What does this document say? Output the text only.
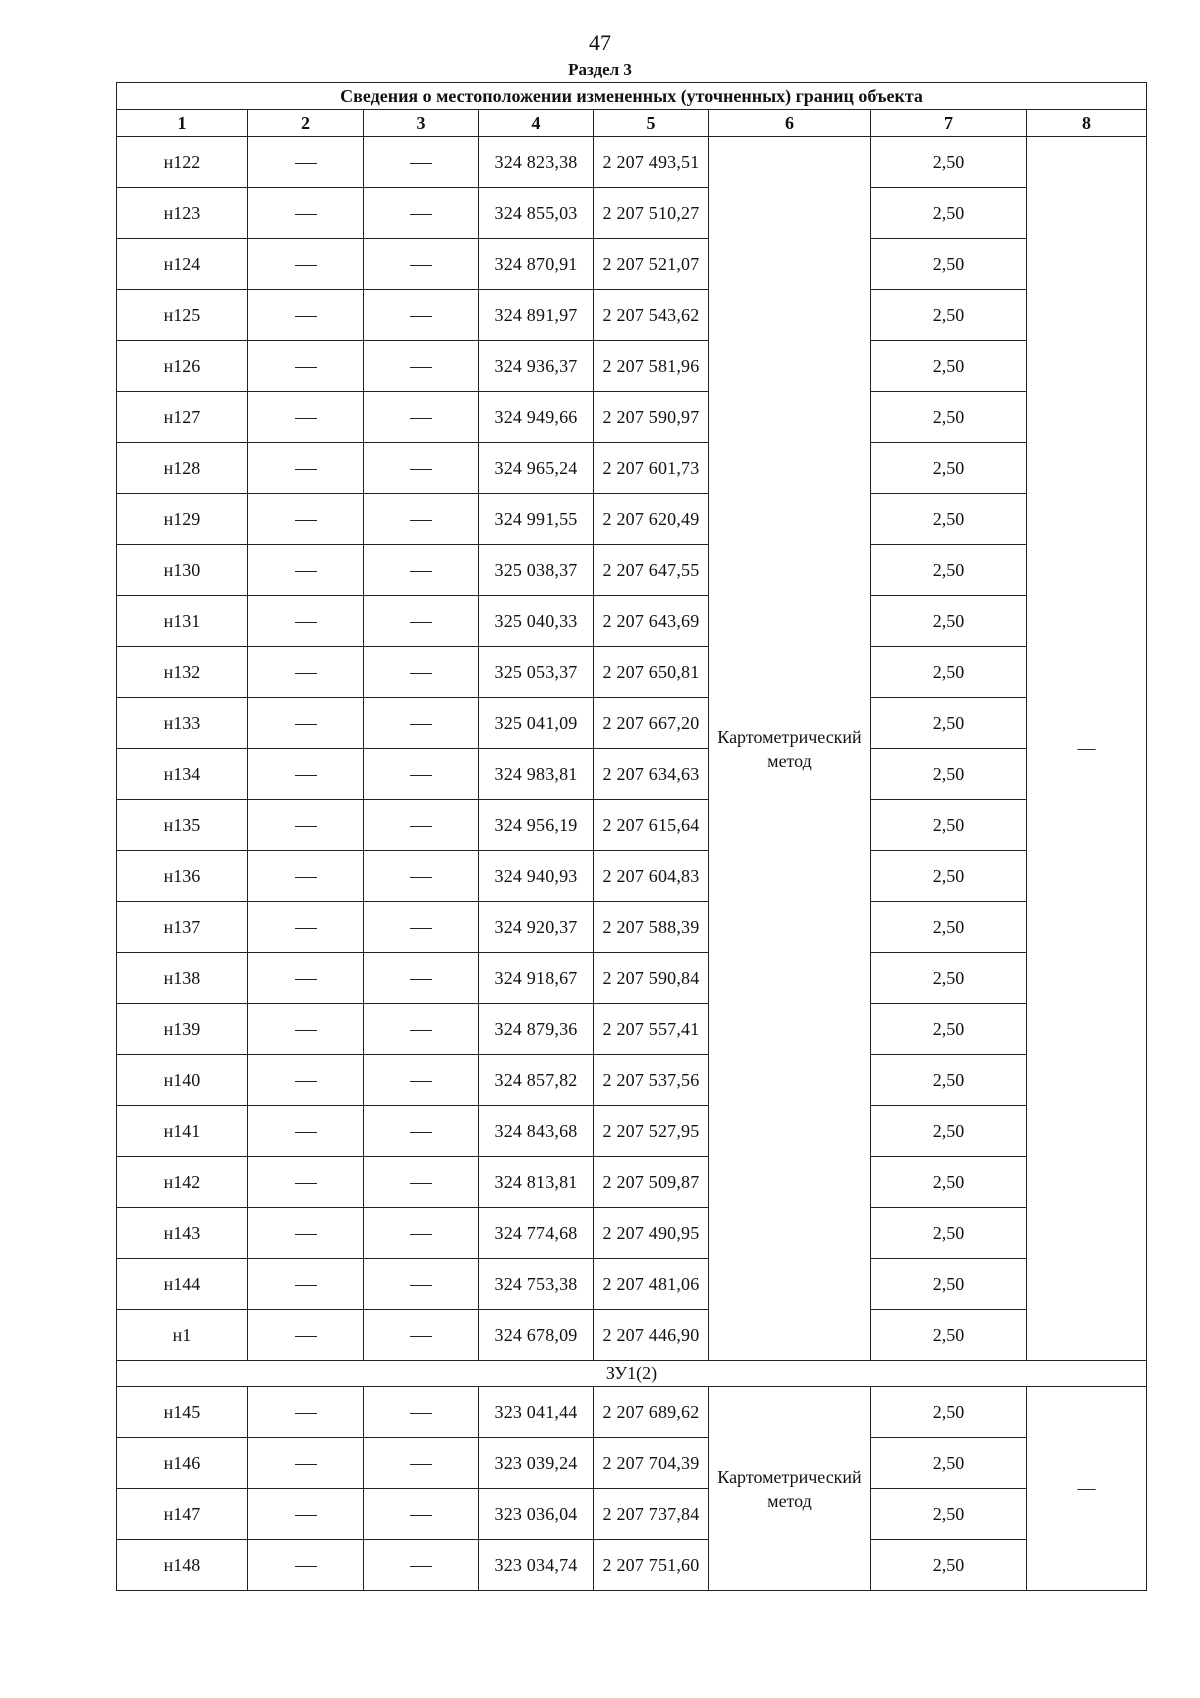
47
Раздел 3
Сведения о местоположении измененных (уточненных) границ объекта							
1	2	3	4	5	6	7	8
н122			324 823,38	2 207 493,51	Картометрический метод	2,50	—
н123			324 855,03	2 207 510,27		2,50	
н124			324 870,91	2 207 521,07		2,50	
н125			324 891,97	2 207 543,62		2,50	
н126			324 936,37	2 207 581,96		2,50	
н127			324 949,66	2 207 590,97		2,50	
н128			324 965,24	2 207 601,73		2,50	
н129			324 991,55	2 207 620,49		2,50	
н130			325 038,37	2 207 647,55		2,50	
н131			325 040,33	2 207 643,69		2,50	
н132			325 053,37	2 207 650,81		2,50	
н133			325 041,09	2 207 667,20		2,50	
н134			324 983,81	2 207 634,63		2,50	
н135			324 956,19	2 207 615,64		2,50	
н136			324 940,93	2 207 604,83		2,50	
н137			324 920,37	2 207 588,39		2,50	
н138			324 918,67	2 207 590,84		2,50	
н139			324 879,36	2 207 557,41		2,50	
н140			324 857,82	2 207 537,56		2,50	
н141			324 843,68	2 207 527,95		2,50	
н142			324 813,81	2 207 509,87		2,50	
н143			324 774,68	2 207 490,95		2,50	
н144			324 753,38	2 207 481,06		2,50	
н1			324 678,09	2 207 446,90		2,50	
ЗУ1(2)							
н145			323 041,44	2 207 689,62	Картометрический метод	2,50	—
н146			323 039,24	2 207 704,39		2,50	
н147			323 036,04	2 207 737,84		2,50	
н148			323 034,74	2 207 751,60		2,50	
